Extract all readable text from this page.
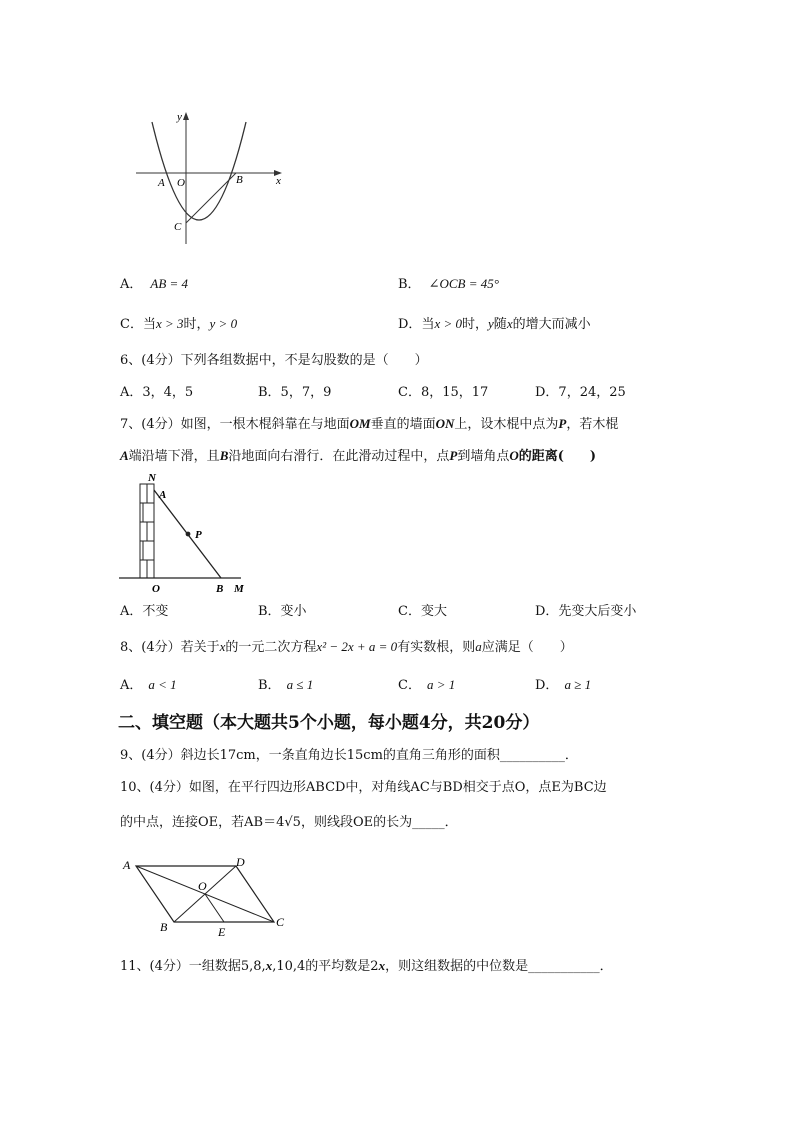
y
x
A O	B
C
A． AB = 4	B． ∠OCB = 45°
C．当x > 3时，y > 0	D．当x > 0时，y随x的增大而减小
6、(4分）下列各组数据中，不是勾股数的是（　　）
A．3，4，5	B．5，7，9	C．8，15，17	D．7，24，25
7、(4分）如图，一根木棍斜靠在与地面OM垂直的墙面ON上，设木棍中点为P，若木棍
A端沿墙下滑，且B沿地面向右滑行．在此滑动过程中，点P到墙角点O的距离(　　)
N
A
P
O	B M
A．不变	B．变小	C．变大	D．先变大后变小
8、(4分）若关于x的一元二次方程x² − 2x + a = 0有实数根，则a应满足（　　）
A． a < 1	B． a ≤ 1	C． a > 1	D． a ≥ 1
二、填空题（本大题共5个小题，每小题4分，共20分）
9、(4分）斜边长17cm，一条直角边长15cm的直角三角形的面积__________．
10、(4分）如图，在平行四边形ABCD中，对角线AC与BD相交于点O，点E为BC边
的中点，连接OE，若AB＝4√5，则线段OE的长为_____．
A	D
O
B	E
C
11、(4分）一组数据5,8,x,10,4的平均数是2x，则这组数据的中位数是___________．
